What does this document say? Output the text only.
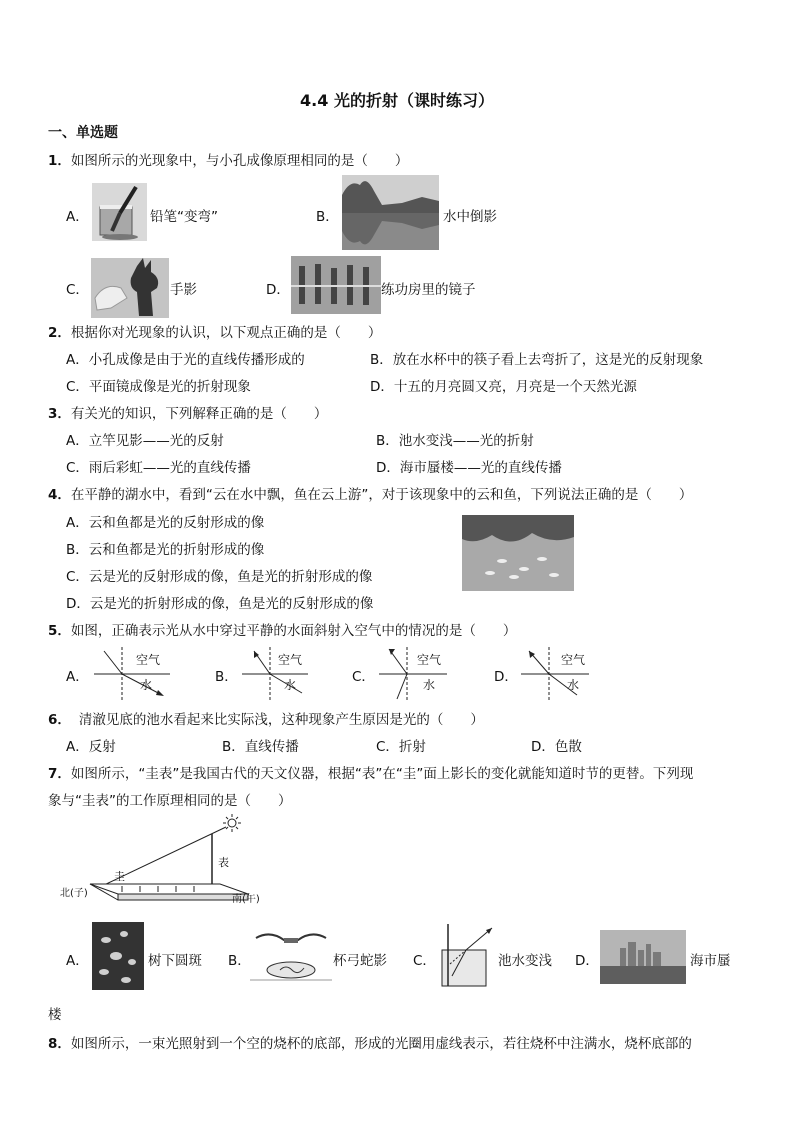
4.4 光的折射（课时练习）
一、单选题
1．如图所示的光现象中，与小孔成像原理相同的是（　　）
A．	铅笔“变弯”	B．	水中倒影
C．	手影	D．	练功房里的镜子
2．根据你对光现象的认识，以下观点正确的是（　　）
A．小孔成像是由于光的直线传播形成的	B．放在水杯中的筷子看上去弯折了，这是光的反射现象
C．平面镜成像是光的折射现象	D．十五的月亮圆又亮，月亮是一个天然光源
3．有关光的知识，下列解释正确的是（　　）
A．立竿见影——光的反射	B．池水变浅——光的折射
C．雨后彩虹——光的直线传播	D．海市蜃楼——光的直线传播
4．在平静的湖水中，看到“云在水中飘，鱼在云上游”，对于该现象中的云和鱼，下列说法正确的是（　　）
A．云和鱼都是光的反射形成的像
B．云和鱼都是光的折射形成的像
C．云是光的反射形成的像，鱼是光的折射形成的像
D．云是光的折射形成的像，鱼是光的反射形成的像
5．如图，正确表示光从水中穿过平静的水面斜射入空气中的情况的是（　　）
A．
空气
水	B．
空气
水	C．
空气
水	D．
空气
水
6． 清澈见底的池水看起来比实际浅，这种现象产生原因是光的（　　）
A．反射	B．直线传播	C．折射	D．色散
7．如图所示，“圭表”是我国古代的天文仪器，根据“表”在“圭”面上影长的变化就能知道时节的更替。下列现
象与“圭表”的工作原理相同的是（　　）
圭
表
北(子)
南(午)
A．	树下圆斑 B．	杯弓蛇影 C．	池水变浅 D．	海市蜃
楼
8．如图所示，一束光照射到一个空的烧杯的底部，形成的光圈用虚线表示，若往烧杯中注满水，烧杯底部的
